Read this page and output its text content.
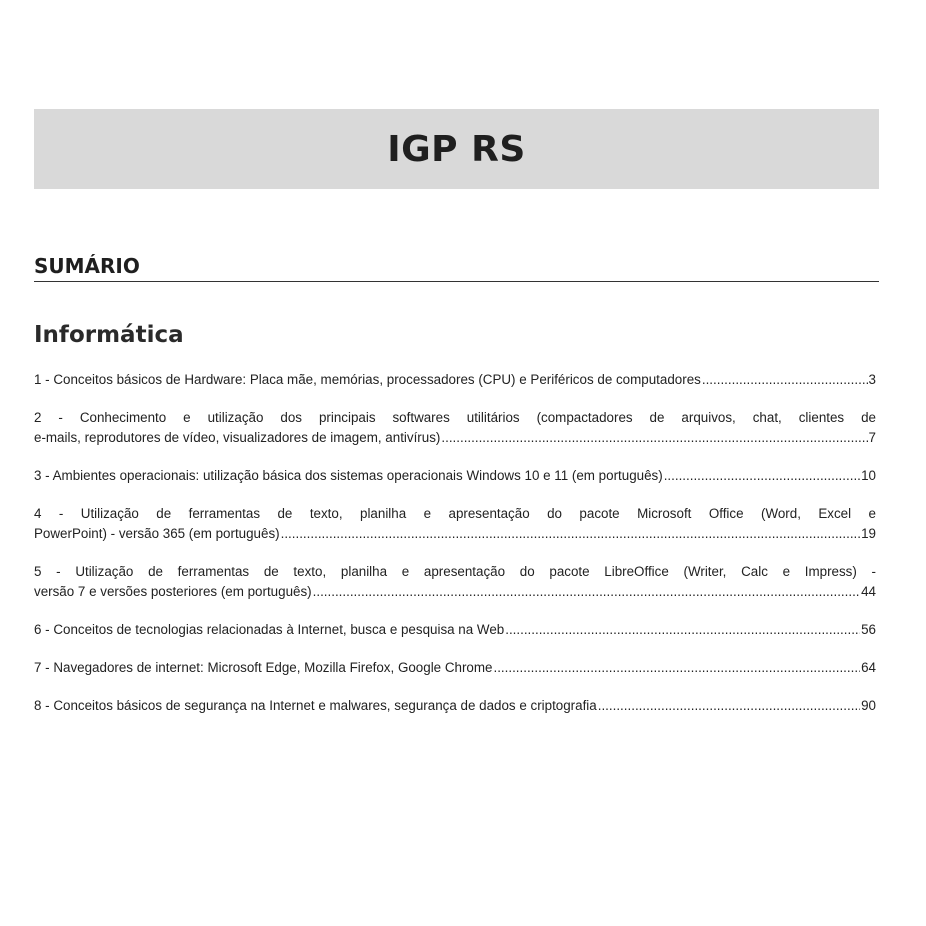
IGP RS
SUMÁRIO
Informática
1 - Conceitos básicos de Hardware: Placa mãe, memórias, processadores (CPU) e Periféricos de computadores .....	3
2 - Conhecimento e utilização dos principais softwares utilitários (compactadores de arquivos, chat, clientes de
e-mails, reprodutores de vídeo, visualizadores de imagem, antivírus) .....	7
3 - Ambientes operacionais: utilização básica dos sistemas operacionais Windows 10 e 11 (em português) .....	10
4 - Utilização de ferramentas de texto, planilha e apresentação do pacote Microsoft Office (Word, Excel e
PowerPoint) - versão 365 (em português) .....	19
5 - Utilização de ferramentas de texto, planilha e apresentação do pacote LibreOffice (Writer, Calc e Impress) -
versão 7 e versões posteriores (em português) .....	44
6 - Conceitos de tecnologias relacionadas à Internet, busca e pesquisa na Web .....	56
7 - Navegadores de internet: Microsoft Edge, Mozilla Firefox, Google Chrome .....	64
8 - Conceitos básicos de segurança na Internet e malwares, segurança de dados e criptografia .....	90
